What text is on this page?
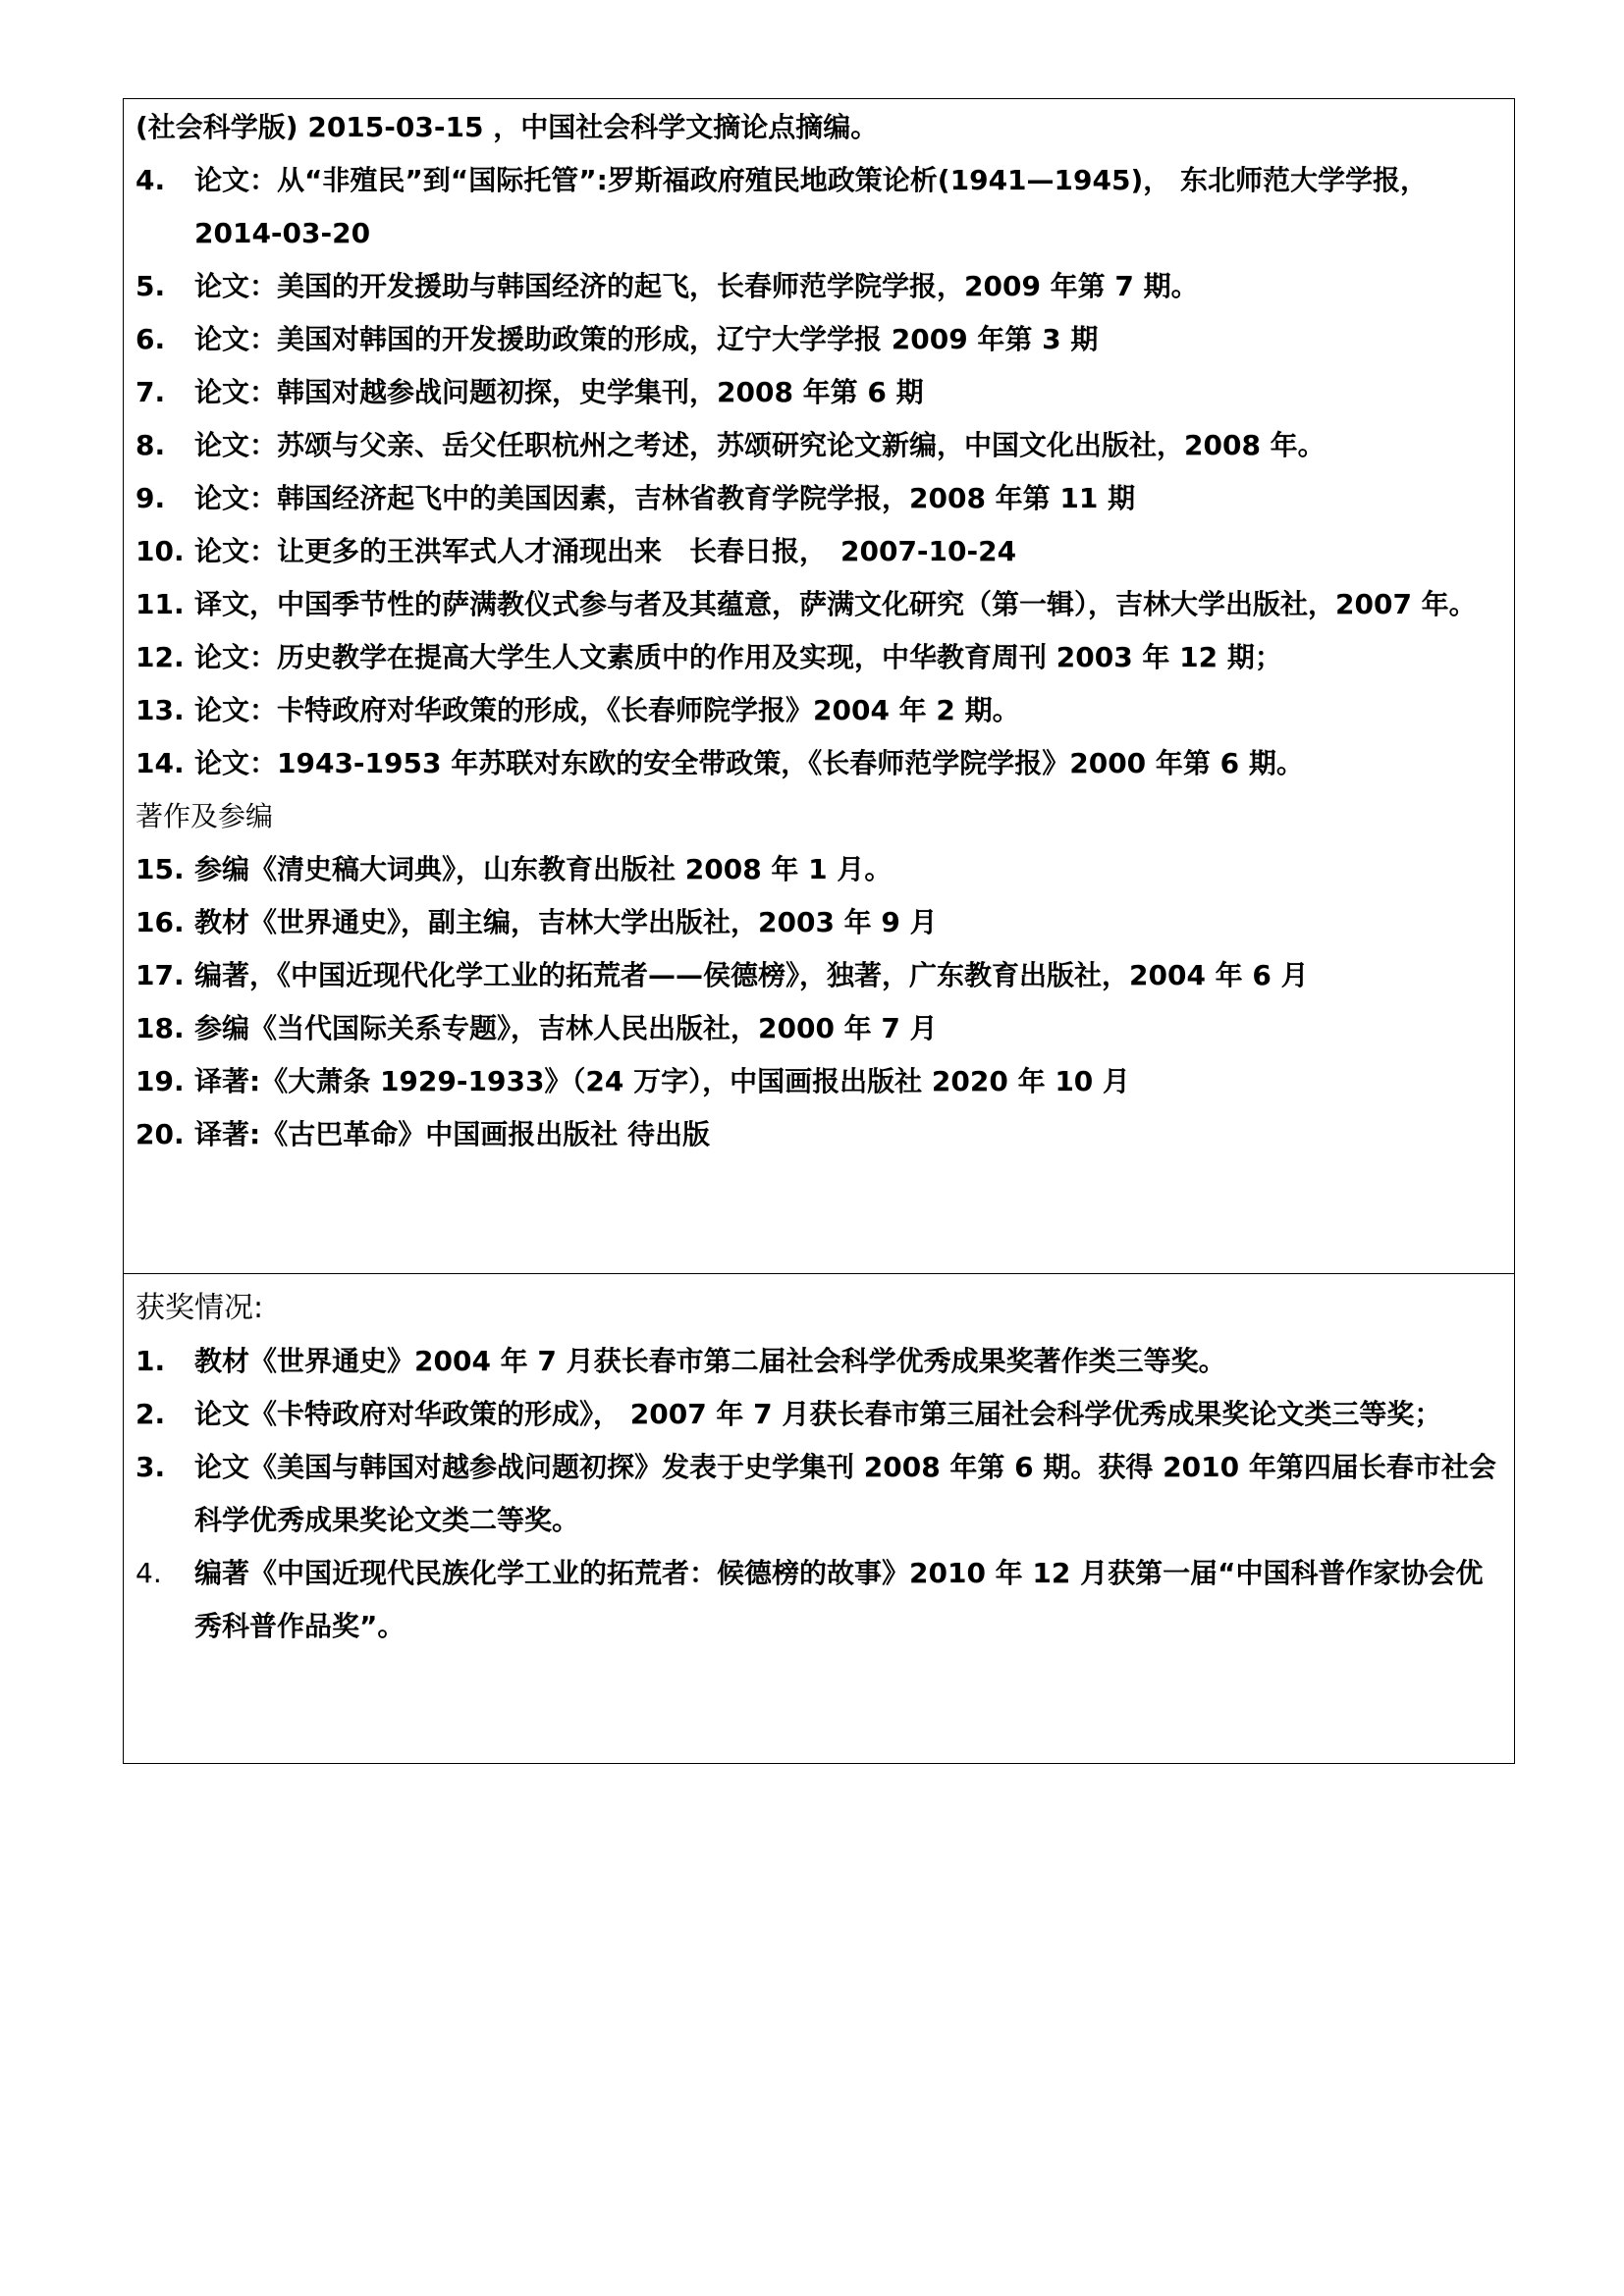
(社会科学版) 2015-03-15 ，中国社会科学文摘论点摘编。
4.	论文：从“非殖民”到“国际托管”:罗斯福政府殖民地政策论析(1941—1945)， 东北师范大学学报，2014-03-20
5.	论文：美国的开发援助与韩国经济的起飞，长春师范学院学报，2009 年第 7 期。
6.	论文：美国对韩国的开发援助政策的形成，辽宁大学学报 2009 年第 3 期
7.	论文：韩国对越参战问题初探，史学集刊，2008 年第 6 期
8.	论文：苏颂与父亲、岳父任职杭州之考述，苏颂研究论文新编，中国文化出版社，2008 年。
9.	论文：韩国经济起飞中的美国因素，吉林省教育学院学报，2008 年第 11 期
10. 论文：让更多的王洪军式人才涌现出来　长春日报，　2007-10-24
11. 译文，中国季节性的萨满教仪式参与者及其蕴意，萨满文化研究（第一辑），吉林大学出版社，2007 年。
12. 论文：历史教学在提高大学生人文素质中的作用及实现，中华教育周刊 2003 年 12 期；
13. 论文：卡特政府对华政策的形成，《长春师院学报》2004 年 2 期。
14. 论文：1943-1953 年苏联对东欧的安全带政策，《长春师范学院学报》2000 年第 6 期。
著作及参编
15. 参编《清史稿大词典》，山东教育出版社 2008 年 1 月。
16. 教材《世界通史》，副主编，吉林大学出版社，2003 年 9 月
17. 编著，《中国近现代化学工业的拓荒者——侯德榜》，独著，广东教育出版社，2004 年 6 月
18. 参编《当代国际关系专题》，吉林人民出版社，2000 年 7 月
19. 译著:《大萧条 1929-1933》（24 万字），中国画报出版社 2020 年 10 月
20. 译著:《古巴革命》中国画报出版社 待出版
获奖情况:
1.	教材《世界通史》2004 年 7 月获长春市第二届社会科学优秀成果奖著作类三等奖。
2.	论文《卡特政府对华政策的形成》， 2007 年 7 月获长春市第三届社会科学优秀成果奖论文类三等奖；
3.	论文《美国与韩国对越参战问题初探》发表于史学集刊 2008 年第 6 期。获得 2010 年第四届长春市社会科学优秀成果奖论文类二等奖。
4.	编著《中国近现代民族化学工业的拓荒者：候德榜的故事》2010 年 12 月获第一届“中国科普作家协会优秀科普作品奖”。
